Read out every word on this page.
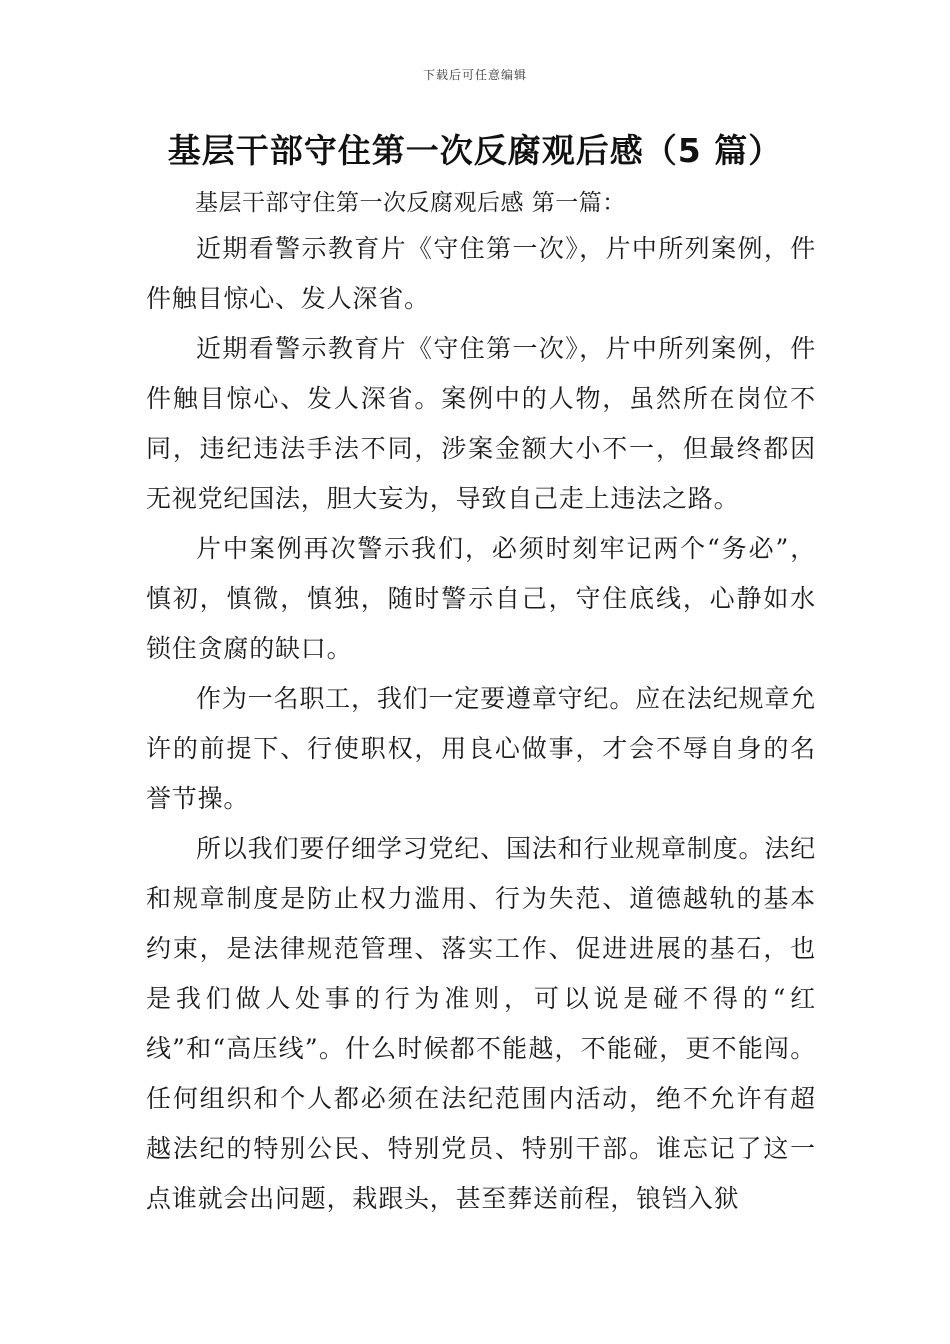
下载后可任意编辑
基层干部守住第一次反腐观后感（5 篇）
基层干部守住第一次反腐观后感 第一篇：

近期看警示教育片《守住第一次》，片中所列案例，件件触目惊心、发人深省。

近期看警示教育片《守住第一次》，片中所列案例，件件触目惊心、发人深省。案例中的人物，虽然所在岗位不同，违纪违法手法不同，涉案金额大小不一，但最终都因无视党纪国法，胆大妄为，导致自己走上违法之路。

片中案例再次警示我们，必须时刻牢记两个“务必”，慎初，慎微，慎独，随时警示自己，守住底线，心静如水锁住贪腐的缺口。

作为一名职工，我们一定要遵章守纪。应在法纪规章允许的前提下、行使职权，用良心做事，才会不辱自身的名誉节操。

所以我们要仔细学习党纪、国法和行业规章制度。法纪和规章制度是防止权力滥用、行为失范、道德越轨的基本约束，是法律规范管理、落实工作、促进进展的基石，也是我们做人处事的行为准则，可以说是碰不得的“红线”和“高压线”。什么时候都不能越，不能碰，更不能闯。任何组织和个人都必须在法纪范围内活动，绝不允许有超越法纪的特别公民、特别党员、特别干部。谁忘记了这一点谁就会出问题，栽跟头，甚至葬送前程，锒铛入狱
